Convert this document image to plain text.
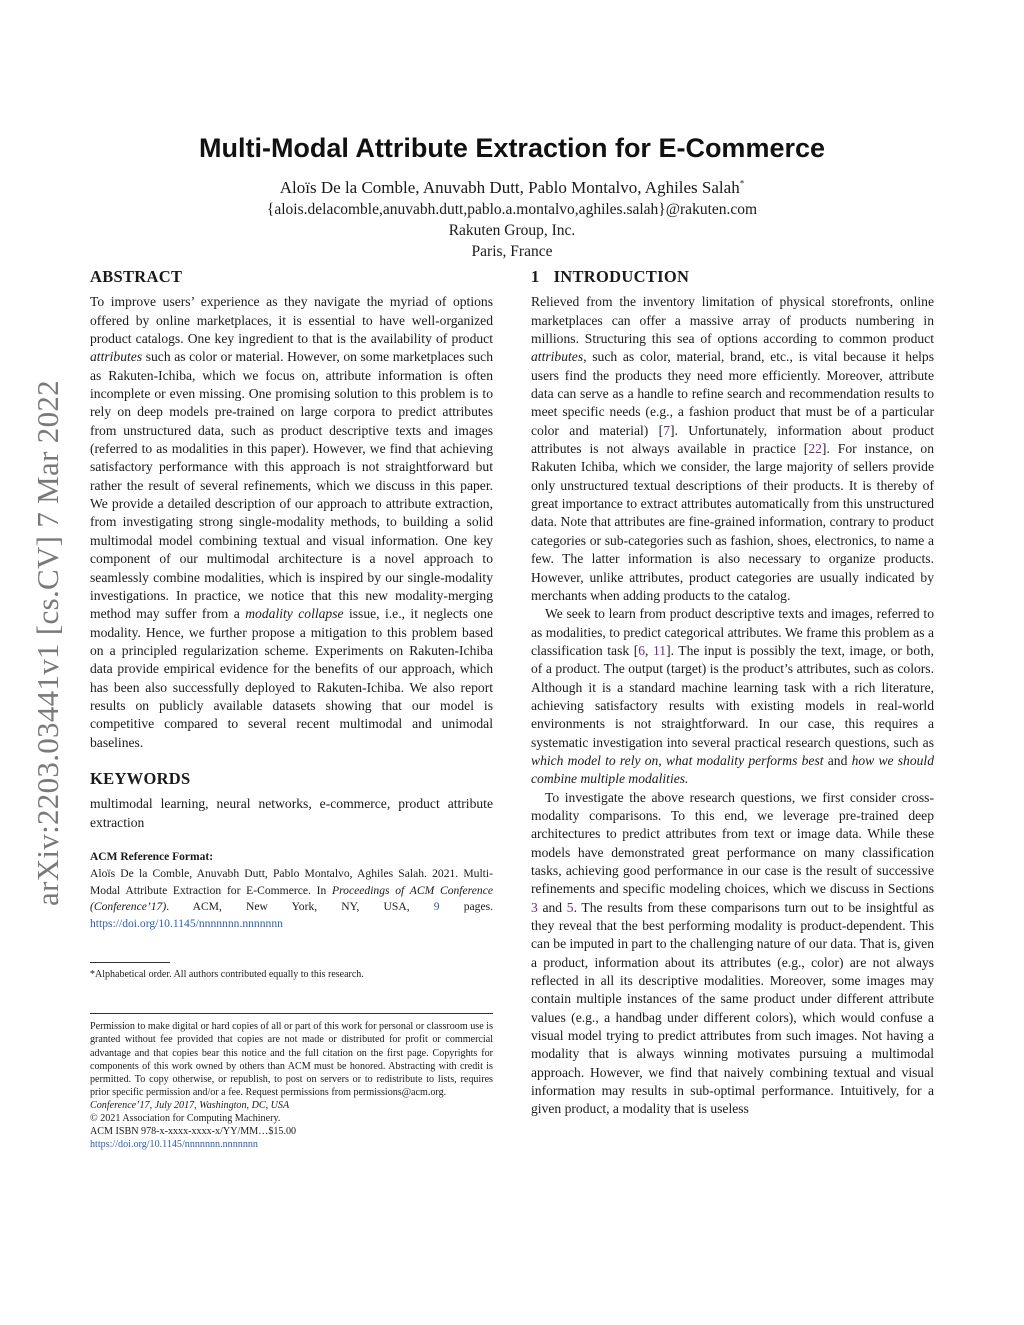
arXiv:2203.03441v1 [cs.CV] 7 Mar 2022
Multi-Modal Attribute Extraction for E-Commerce
Aloïs De la Comble, Anuvabh Dutt, Pablo Montalvo, Aghiles Salah*
{alois.delacomble,anuvabh.dutt,pablo.a.montalvo,aghiles.salah}@rakuten.com
Rakuten Group, Inc.
Paris, France
ABSTRACT

To improve users’ experience as they navigate the myriad of options offered by online marketplaces, it is essential to have well-organized product catalogs. One key ingredient to that is the availability of product attributes such as color or material. However, on some marketplaces such as Rakuten-Ichiba, which we focus on, attribute information is often incomplete or even missing. One promising solution to this problem is to rely on deep models pre-trained on large corpora to predict attributes from unstructured data, such as product descriptive texts and images (referred to as modalities in this paper). However, we find that achieving satisfactory performance with this approach is not straightforward but rather the result of several refinements, which we discuss in this paper. We provide a detailed description of our approach to attribute extraction, from investigating strong single-modality methods, to building a solid multimodal model combining textual and visual information. One key component of our multimodal architecture is a novel approach to seamlessly combine modalities, which is inspired by our single-modality investigations. In practice, we notice that this new modality-merging method may suffer from a modality collapse issue, i.e., it neglects one modality. Hence, we further propose a mitigation to this problem based on a principled regularization scheme. Experiments on Rakuten-Ichiba data provide empirical evidence for the benefits of our approach, which has been also successfully deployed to Rakuten-Ichiba. We also report results on publicly available datasets showing that our model is competitive compared to several recent multimodal and unimodal baselines.

KEYWORDS

multimodal learning, neural networks, e-commerce, product attribute extraction

ACM Reference Format:

Aloïs De la Comble, Anuvabh Dutt, Pablo Montalvo, Aghiles Salah. 2021. Multi-Modal Attribute Extraction for E-Commerce. In Proceedings of ACM Conference (Conference’17). ACM, New York, NY, USA, 9 pages. https://doi.org/10.1145/nnnnnnn.nnnnnnn

*Alphabetical order. All authors contributed equally to this research.
Permission to make digital or hard copies of all or part of this work for personal or classroom use is granted without fee provided that copies are not made or distributed for profit or commercial advantage and that copies bear this notice and the full citation on the first page. Copyrights for components of this work owned by others than ACM must be honored. Abstracting with credit is permitted. To copy otherwise, or republish, to post on servers or to redistribute to lists, requires prior specific permission and/or a fee. Request permissions from permissions@acm.org.
Conference’17, July 2017, Washington, DC, USA
© 2021 Association for Computing Machinery.
ACM ISBN 978-x-xxxx-xxxx-x/YY/MM…$15.00
https://doi.org/10.1145/nnnnnnn.nnnnnnn
1 INTRODUCTION

Relieved from the inventory limitation of physical storefronts, online marketplaces can offer a massive array of products numbering in millions. Structuring this sea of options according to common product attributes, such as color, material, brand, etc., is vital because it helps users find the products they need more efficiently. Moreover, attribute data can serve as a handle to refine search and recommendation results to meet specific needs (e.g., a fashion product that must be of a particular color and material) [7]. Unfortunately, information about product attributes is not always available in practice [22]. For instance, on Rakuten Ichiba, which we consider, the large majority of sellers provide only unstructured textual descriptions of their products. It is thereby of great importance to extract attributes automatically from this unstructured data. Note that attributes are fine-grained information, contrary to product categories or sub-categories such as fashion, shoes, electronics, to name a few. The latter information is also necessary to organize products. However, unlike attributes, product categories are usually indicated by merchants when adding products to the catalog.

We seek to learn from product descriptive texts and images, referred to as modalities, to predict categorical attributes. We frame this problem as a classification task [6, 11]. The input is possibly the text, image, or both, of a product. The output (target) is the product’s attributes, such as colors. Although it is a standard machine learning task with a rich literature, achieving satisfactory results with existing models in real-world environments is not straightforward. In our case, this requires a systematic investigation into several practical research questions, such as which model to rely on, what modality performs best and how we should combine multiple modalities.

To investigate the above research questions, we first consider cross-modality comparisons. To this end, we leverage pre-trained deep architectures to predict attributes from text or image data. While these models have demonstrated great performance on many classification tasks, achieving good performance in our case is the result of successive refinements and specific modeling choices, which we discuss in Sections 3 and 5. The results from these comparisons turn out to be insightful as they reveal that the best performing modality is product-dependent. This can be imputed in part to the challenging nature of our data. That is, given a product, information about its attributes (e.g., color) are not always reflected in all its descriptive modalities. Moreover, some images may contain multiple instances of the same product under different attribute values (e.g., a handbag under different colors), which would confuse a visual model trying to predict attributes from such images. Not having a modality that is always winning motivates pursuing a multimodal approach. However, we find that naively combining textual and visual information may results in sub-optimal performance. Intuitively, for a given product, a modality that is useless
